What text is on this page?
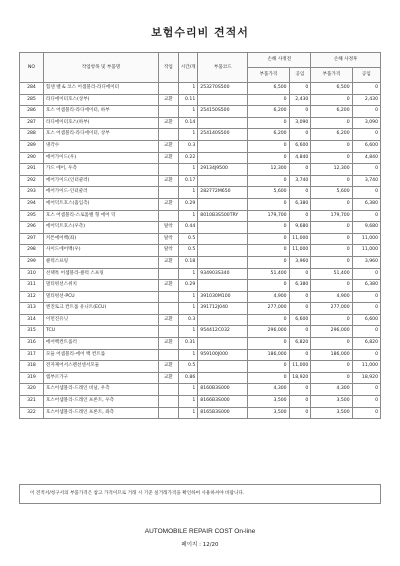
보험수리비 견적서
NO	작업항목 및 부품명	작업	시간/개	부품코드	손해 사정전		손해 사정후	
					부품가격	공임	부품가격	공임
284	힘센 벨 & 코스 어셈블리-라디에이터		1	253270S500	6,500	0	6,500	0
285	라디에이터호스(상부)	교환	0.11		0	2,430	0	2,430
286	호스 어셈블리-라디에이터, 하부		1	254150S500	6,200	0	6,200	0
287	라디에이터호스(하부)	교환	0.14		0	3,090	0	3,090
288	호스 어셈블리-라디에이터, 상부		1	254140S500	6,200	0	6,200	0
289	냉각수	교환	0.3		0	6,600	0	6,600
290	에어가이드(우)	교환	0.22		0	4,840	0	4,840
291	가드 에어, 우측		1	29134J9500	12,300	0	12,300	0
292	에어가이드(인터쿨러)	교환	0.17		0	3,740	0	3,740
293	에어가이드-인터쿨러		1	282772M650	5,600	0	5,600	0
294	에어덕트호스(흡입측)	교환	0.29		0	6,380	0	6,380
295	호스 어셈블리-스로틀밸 형 에어 덕		1	8010B3S500TRY	179,700	0	179,700	0
296	에어덕트호스(우측)	탈착	0.44		0	9,680	0	9,680
297	커튼에어백(좌)	탈착	0.5		0	11,000	0	11,000
298	사이드에어백(우)	탈착	0.5		0	11,000	0	11,000
299	클럭스프링	교환	0.18		0	3,960	0	3,960
310	선택톡 어셈블리-클럭 스프링		1	934903S340	51,400	0	51,400	0
311	멀티펑션스위치	교환	0.29		0	6,380	0	6,380
312	멀티펑션-PCU		1	391030M100	4,900	0	4,900	0
313	엔진토크 컨트롤 유니트(ECU)		1	391712J040	277,000	0	277,000	0
314	이먼진유닛	교환	0.3		0	6,600	0	6,600
315	TCU		1	954412C032	296,000	0	296,000	0
316	에어백컨트롤러	교환	0.31		0	6,820	0	6,820
317	모듈 어셈블리-에어 백 컨트롤		1	959100J000	186,000	0	186,000	0
318	전자제어서스펜션센서모듈	교환	0.5		0	11,000	0	11,000
319	엠부르가구	교환	0.86		0	18,920	0	18,920
320	호스어셈블리-드레인 비닐, 우측		1	8160B3S000	4,300	0	4,300	0
321	호스어셈블리-드레인 프론트, 우측		1	8166B3S000	3,500	0	3,500	0
322	호스어셈블리-드레인 프론트, 좌측		1	8165B3S000	3,500	0	3,500	0
이 견적서/청구서의 부품가격은 참고 가격이므로 거래 시 기준 실거래가격을 확인하여 사용하셔야 바랍니다.
AUTOMOBILE REPAIR COST On-line
페이지 : 12/20
